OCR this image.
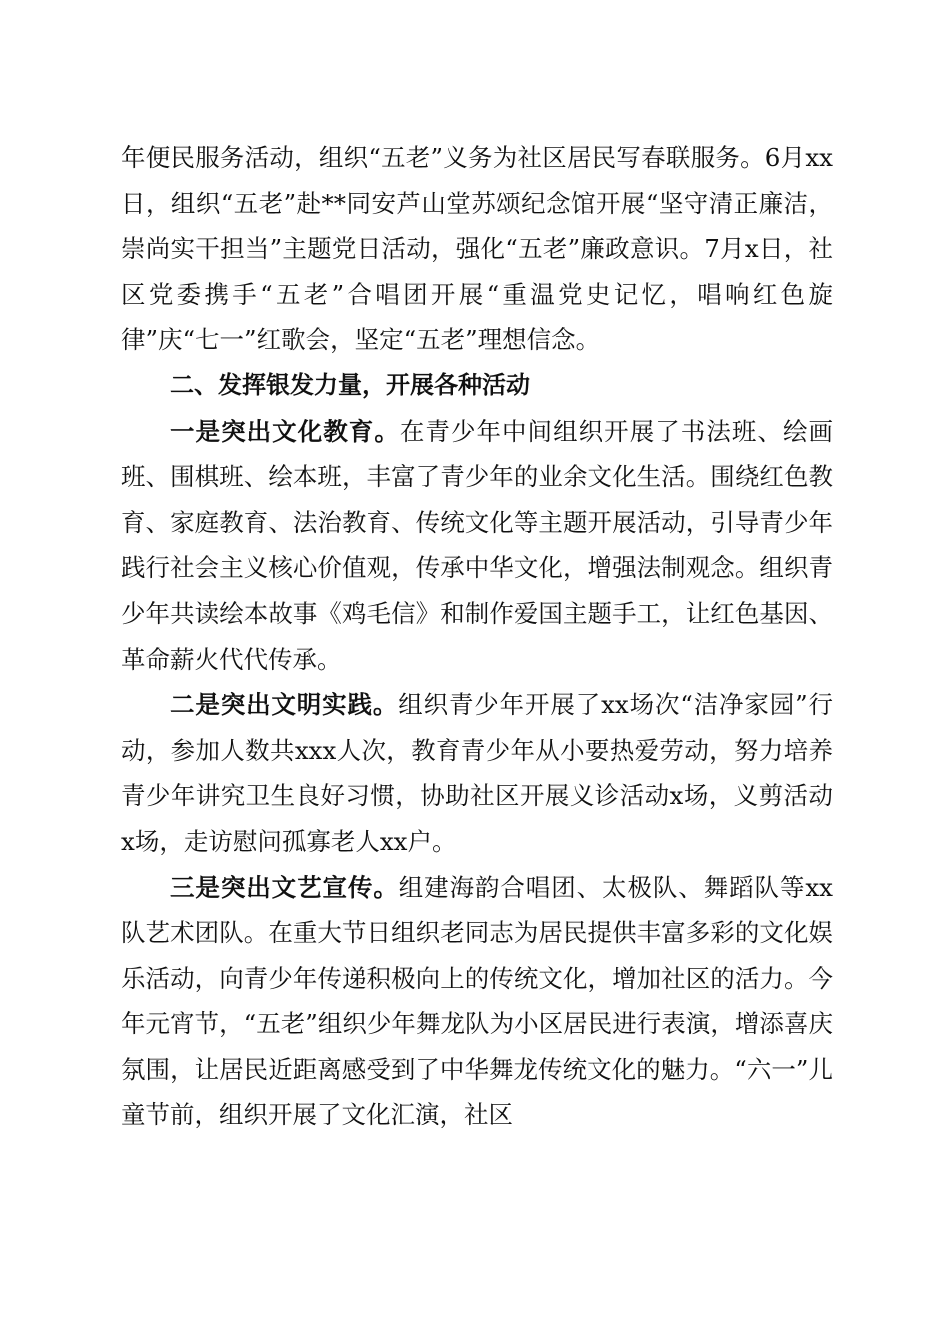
年便民服务活动，组织“五老”义务为社区居民写春联服务。6月xx日，组织“五老”赴**同安芦山堂苏颂纪念馆开展“坚守清正廉洁，崇尚实干担当”主题党日活动，强化“五老”廉政意识。7月x日，社区党委携手“五老”合唱团开展“重温党史记忆，唱响红色旋律”庆“七一”红歌会，坚定“五老”理想信念。

二、发挥银发力量，开展各种活动

一是突出文化教育。在青少年中间组织开展了书法班、绘画班、围棋班、绘本班，丰富了青少年的业余文化生活。围绕红色教育、家庭教育、法治教育、传统文化等主题开展活动，引导青少年践行社会主义核心价值观，传承中华文化，增强法制观念。组织青少年共读绘本故事《鸡毛信》和制作爱国主题手工，让红色基因、革命薪火代代传承。

二是突出文明实践。组织青少年开展了xx场次“洁净家园”行动，参加人数共xxx人次，教育青少年从小要热爱劳动，努力培养青少年讲究卫生良好习惯，协助社区开展义诊活动x场，义剪活动x场，走访慰问孤寡老人xx户。

三是突出文艺宣传。组建海韵合唱团、太极队、舞蹈队等xx队艺术团队。在重大节日组织老同志为居民提供丰富多彩的文化娱乐活动，向青少年传递积极向上的传统文化，增加社区的活力。今年元宵节，“五老”组织少年舞龙队为小区居民进行表演，增添喜庆氛围，让居民近距离感受到了中华舞龙传统文化的魅力。“六一”儿童节前，组织开展了文化汇演，社区
